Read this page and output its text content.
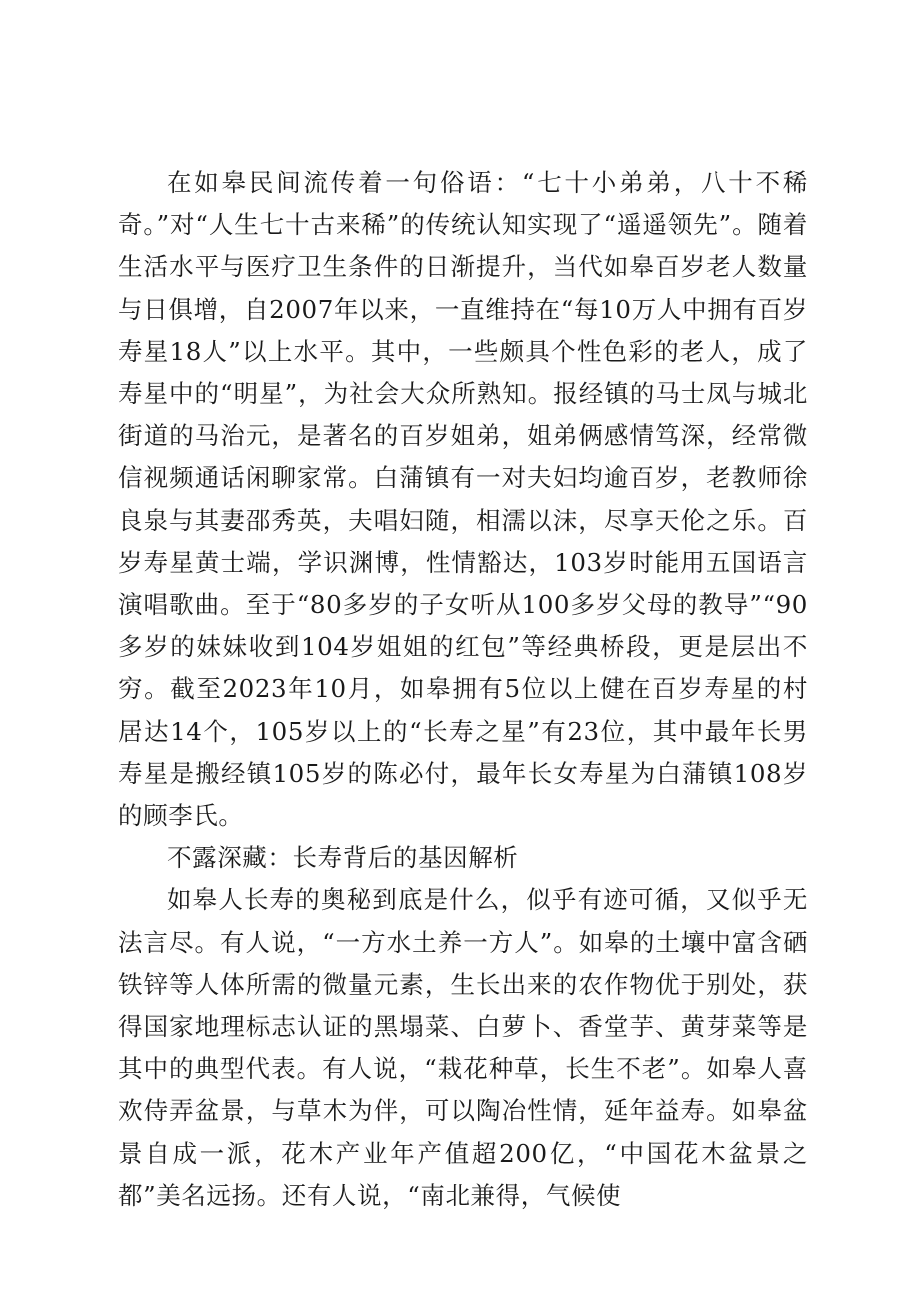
在如皋民间流传着一句俗语：“七十小弟弟，八十不稀奇。”对“人生七十古来稀”的传统认知实现了“遥遥领先”。随着生活水平与医疗卫生条件的日渐提升，当代如皋百岁老人数量与日俱增，自2007年以来，一直维持在“每10万人中拥有百岁寿星18人”以上水平。其中，一些颇具个性色彩的老人，成了寿星中的“明星”，为社会大众所熟知。报经镇的马士凤与城北街道的马治元，是著名的百岁姐弟，姐弟俩感情笃深，经常微信视频通话闲聊家常。白蒲镇有一对夫妇均逾百岁，老教师徐良泉与其妻邵秀英，夫唱妇随，相濡以沫，尽享天伦之乐。百岁寿星黄士端，学识渊博，性情豁达，103岁时能用五国语言演唱歌曲。至于“80多岁的子女听从100多岁父母的教导”“90多岁的妹妹收到104岁姐姐的红包”等经典桥段，更是层出不穷。截至2023年10月，如皋拥有5位以上健在百岁寿星的村居达14个，105岁以上的“长寿之星”有23位，其中最年长男寿星是搬经镇105岁的陈必付，最年长女寿星为白蒲镇108岁的顾李氏。

不露深藏：长寿背后的基因解析

如皋人长寿的奥秘到底是什么，似乎有迹可循，又似乎无法言尽。有人说，“一方水土养一方人”。如皋的土壤中富含硒铁锌等人体所需的微量元素，生长出来的农作物优于别处，获得国家地理标志认证的黑塌菜、白萝卜、香堂芋、黄芽菜等是其中的典型代表。有人说，“栽花种草，长生不老”。如皋人喜欢侍弄盆景，与草木为伴，可以陶冶性情，延年益寿。如皋盆景自成一派，花木产业年产值超200亿，“中国花木盆景之都”美名远扬。还有人说，“南北兼得，气候使
